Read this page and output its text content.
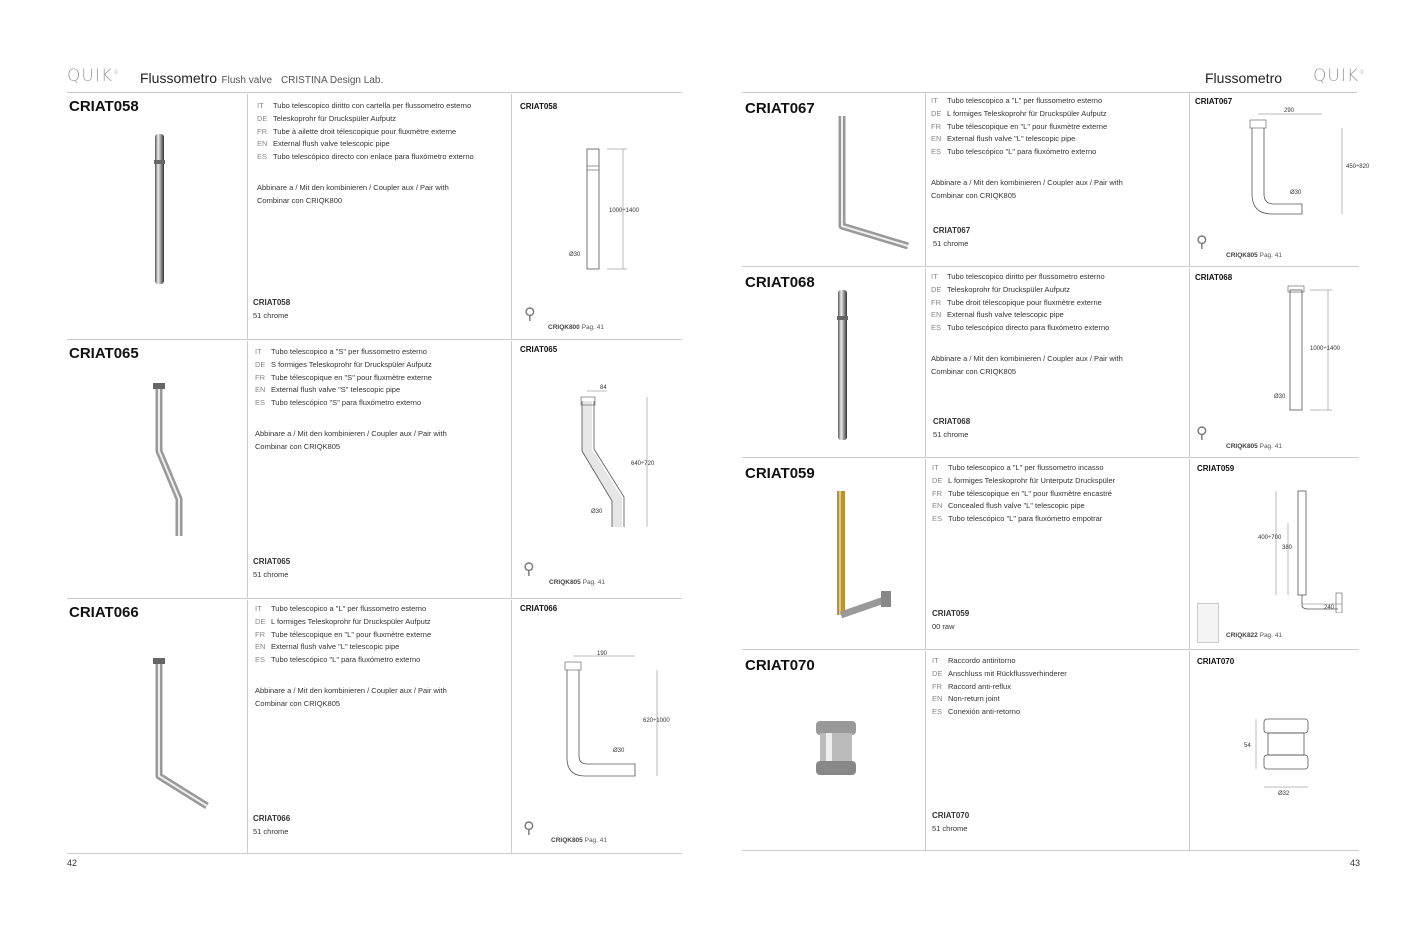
QUIK® Flussometro Flush valve CRISTINA Design Lab.
CRIAT058	IT Tubo telescopico diritto con cartella per flussometro esterno
DE Teleskoprohr für Druckspüler Aufputz
FR Tube à ailette droit télescopique pour fluxmètre externe
EN External flush valve telescopic pipe
ES Tubo telescópico directo con enlace para fluxómetro externo
Abbinare a / Mit den kombinieren / Coupler aux / Pair with
Combinar con CRIQK800
CRIAT058
51 chrome
CRIAT058
1000÷1400
Ø30
⚲
CRIQK800 Pag. 41
CRIAT065	IT Tubo telescopico a "S" per flussometro esterno
DE S formiges Teleskoprohr für Druckspüler Aufputz
FR Tube télescopique en "S" pour fluxmètre externe
EN External flush valve "S" telescopic pipe
ES Tubo telescópico "S" para fluxómetro externo
Abbinare a / Mit den kombinieren / Coupler aux / Pair with
Combinar con CRIQK805
CRIAT065
51 chrome
CRIAT065
84
640÷720
Ø30
⚲
CRIQK805 Pag. 41
CRIAT066	IT Tubo telescopico a "L" per flussometro esterno
DE L formiges Teleskoprohr für Druckspüler Aufputz
FR Tube télescopique en "L" pour fluxmètre externe
EN External flush valve "L" telescopic pipe
ES Tubo telescópico "L" para fluxómetro externo
Abbinare a / Mit den kombinieren / Coupler aux / Pair with
Combinar con CRIQK805
CRIAT066
51 chrome
CRIAT066
190
620÷1000
Ø30
⚲
CRIQK805 Pag. 41
42
Flussometro QUIK®
CRIAT067	IT Tubo telescopico a "L" per flussometro esterno
DE L formiges Teleskoprohr für Druckspüler Aufputz
FR Tube télescopique en "L" pour fluxmètre externe
EN External flush valve "L" telescopic pipe
ES Tubo telescópico "L" para fluxómetro externo
Abbinare a / Mit den kombinieren / Coupler aux / Pair with
Combinar con CRIQK805
CRIAT067
51 chrome
CRIAT067
290
450÷820
Ø30
⚲
CRIQK805 Pag. 41
CRIAT068	IT Tubo telescopico diritto per flussometro esterno
DE Teleskoprohr für Druckspüler Aufputz
FR Tube droit télescopique pour fluxmètre externe
EN External flush valve telescopic pipe
ES Tubo telescópico directo para fluxómetro externo
Abbinare a / Mit den kombinieren / Coupler aux / Pair with
Combinar con CRIQK805
CRIAT068
51 chrome
CRIAT068
1000÷1400
Ø30
⚲
CRIQK805 Pag. 41
CRIAT059	IT Tubo telescopico a "L" per flussometro incasso
DE L formiges Teleskoprohr für Unterputz Druckspüler
FR Tube télescopique en "L" pour fluxmètre encastré
EN Concealed flush valve "L" telescopic pipe
ES Tubo telescópico "L" para fluxómetro empotrar
CRIAT059
00 raw
CRIAT059
400÷700
380
240
CRIQK822 Pag. 41
CRIAT070	IT Raccordo antiritorno
DE Anschluss mit Rückflussverhinderer
FR Raccord anti-reflux
EN Non-return joint
ES Conexión anti-retorno
CRIAT070
51 chrome
CRIAT070
54
Ø32
43
